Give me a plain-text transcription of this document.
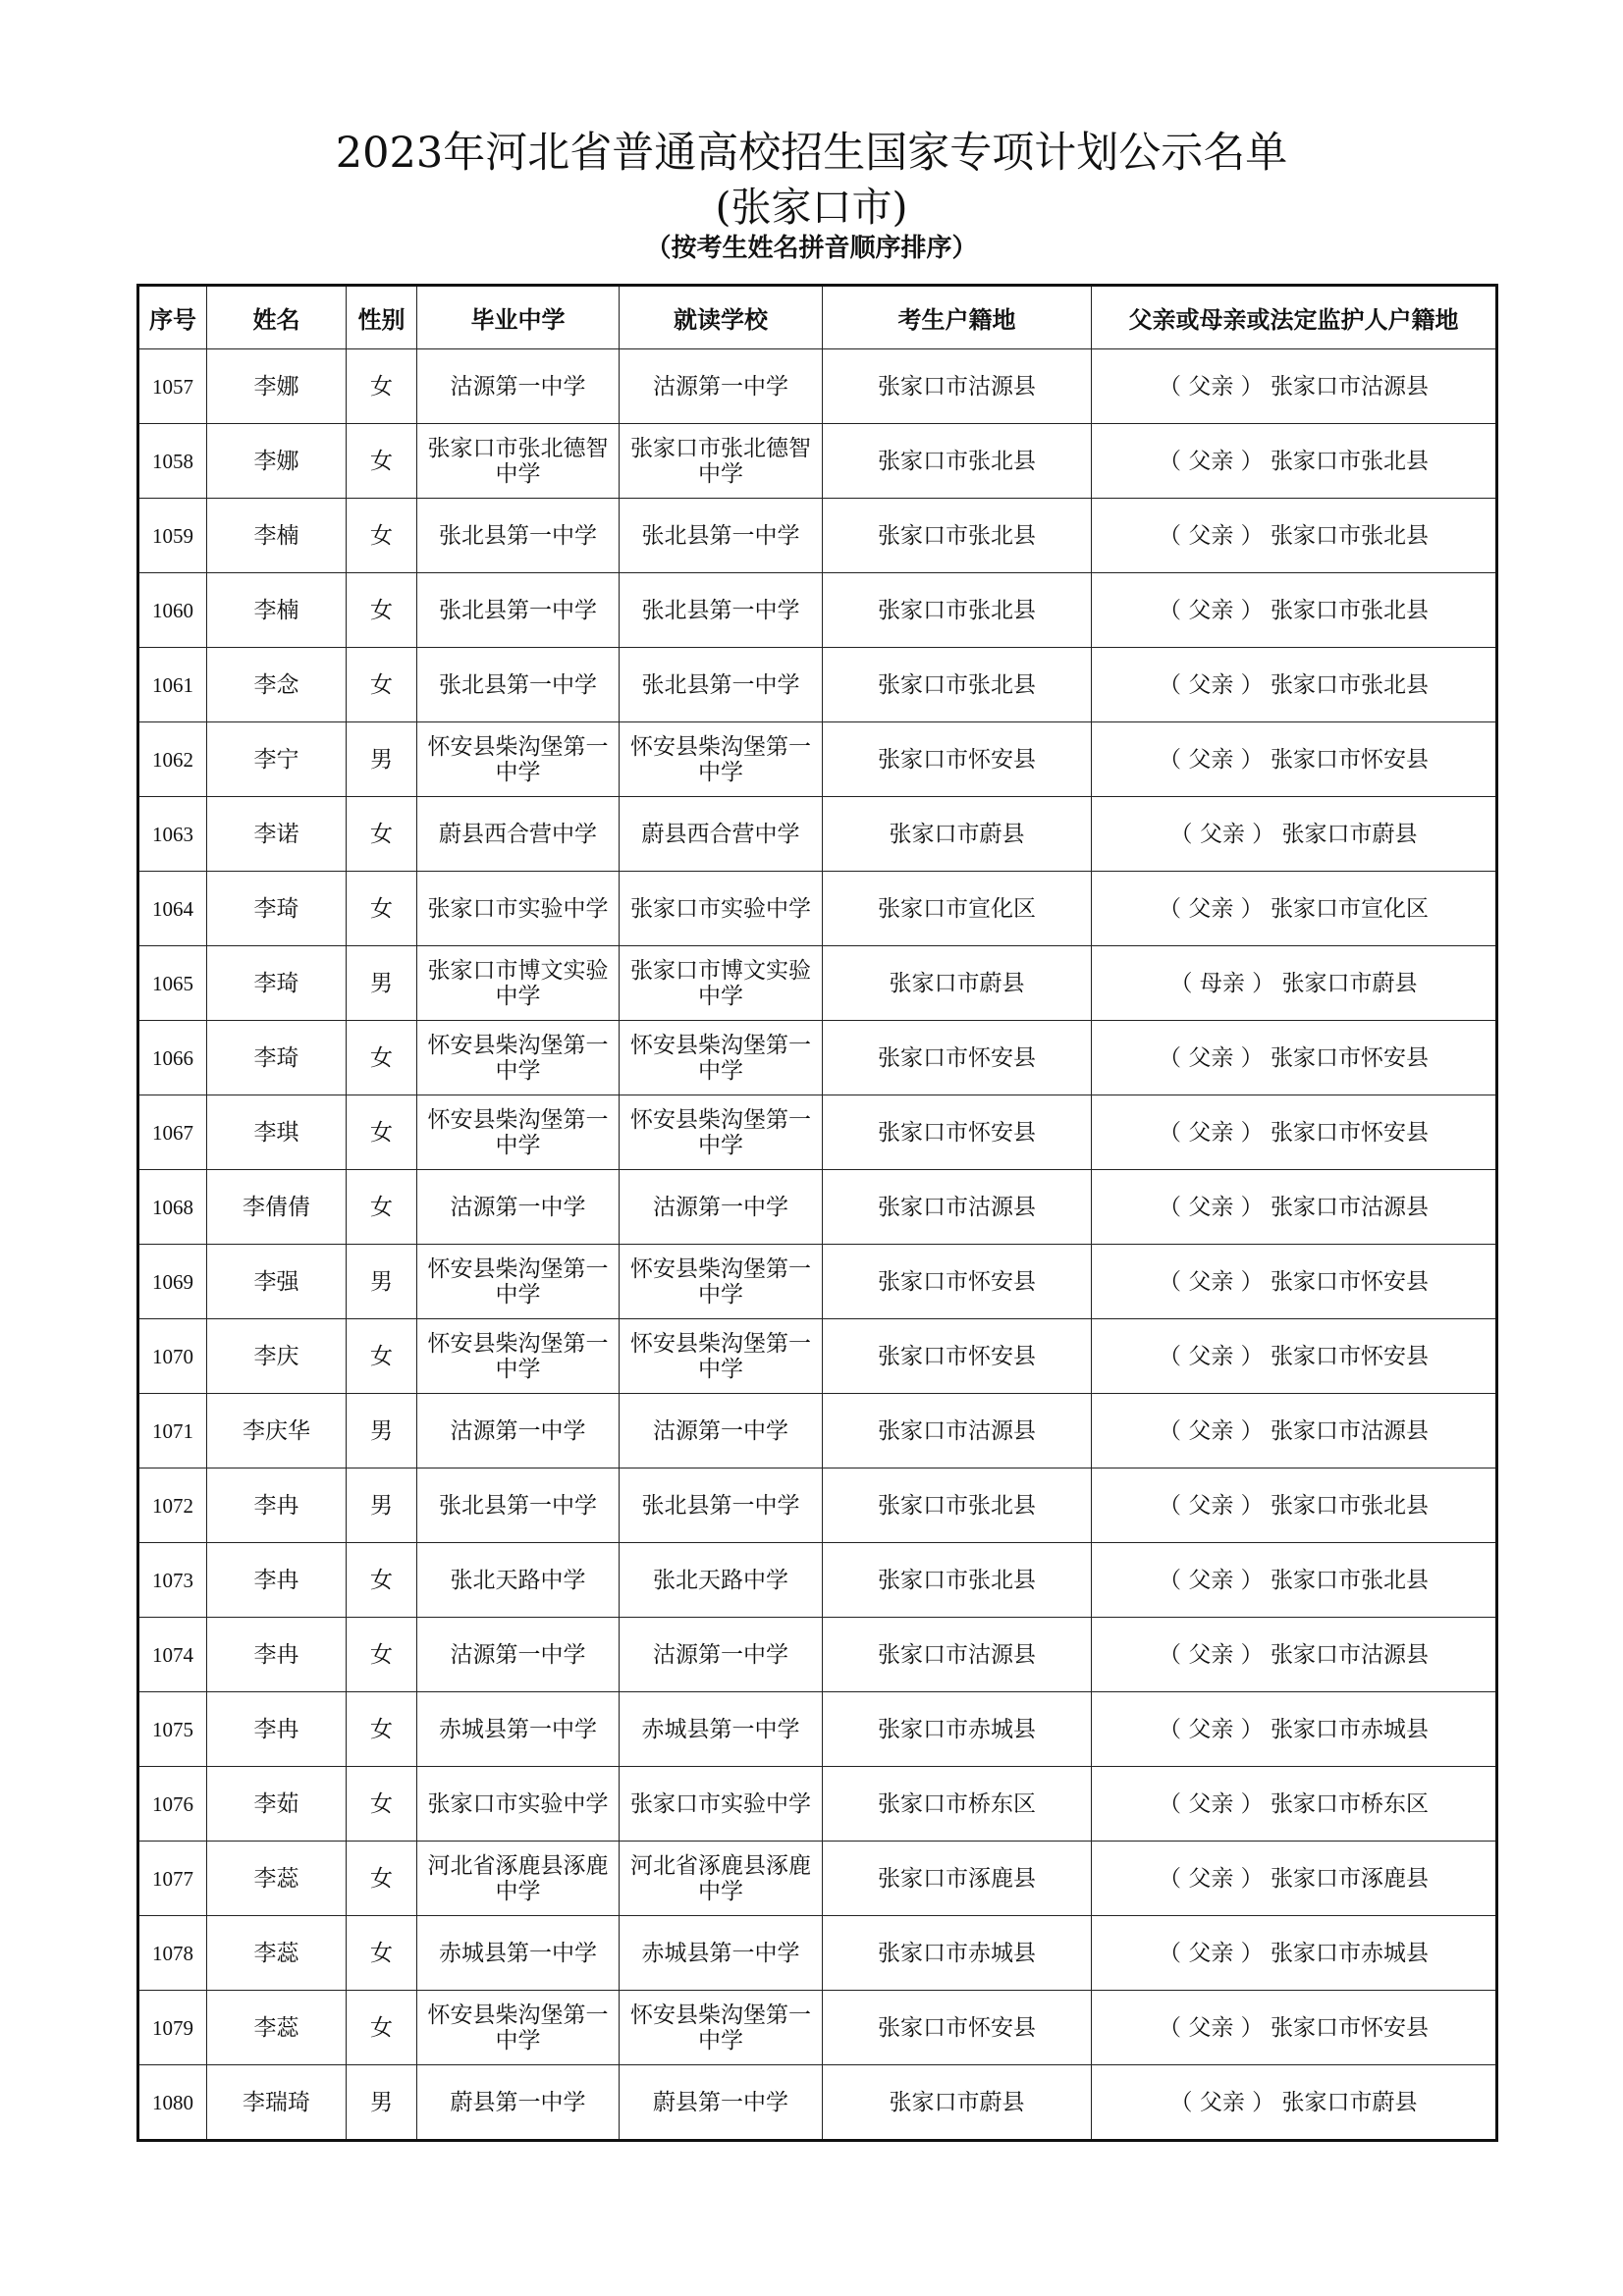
2023年河北省普通高校招生国家专项计划公示名单
(张家口市)
（按考生姓名拼音顺序排序）
序号	姓名	性别	毕业中学	就读学校	考生户籍地	父亲或母亲或法定监护人户籍地
1057	李娜	女	沽源第一中学	沽源第一中学	张家口市沽源县	（ 父亲 ） 张家口市沽源县
1058	李娜	女	张家口市张北德智中学	张家口市张北德智中学	张家口市张北县	（ 父亲 ） 张家口市张北县
1059	李楠	女	张北县第一中学	张北县第一中学	张家口市张北县	（ 父亲 ） 张家口市张北县
1060	李楠	女	张北县第一中学	张北县第一中学	张家口市张北县	（ 父亲 ） 张家口市张北县
1061	李念	女	张北县第一中学	张北县第一中学	张家口市张北县	（ 父亲 ） 张家口市张北县
1062	李宁	男	怀安县柴沟堡第一中学	怀安县柴沟堡第一中学	张家口市怀安县	（ 父亲 ） 张家口市怀安县
1063	李诺	女	蔚县西合营中学	蔚县西合营中学	张家口市蔚县	（ 父亲 ） 张家口市蔚县
1064	李琦	女	张家口市实验中学	张家口市实验中学	张家口市宣化区	（ 父亲 ） 张家口市宣化区
1065	李琦	男	张家口市博文实验中学	张家口市博文实验中学	张家口市蔚县	（ 母亲 ） 张家口市蔚县
1066	李琦	女	怀安县柴沟堡第一中学	怀安县柴沟堡第一中学	张家口市怀安县	（ 父亲 ） 张家口市怀安县
1067	李琪	女	怀安县柴沟堡第一中学	怀安县柴沟堡第一中学	张家口市怀安县	（ 父亲 ） 张家口市怀安县
1068	李倩倩	女	沽源第一中学	沽源第一中学	张家口市沽源县	（ 父亲 ） 张家口市沽源县
1069	李强	男	怀安县柴沟堡第一中学	怀安县柴沟堡第一中学	张家口市怀安县	（ 父亲 ） 张家口市怀安县
1070	李庆	女	怀安县柴沟堡第一中学	怀安县柴沟堡第一中学	张家口市怀安县	（ 父亲 ） 张家口市怀安县
1071	李庆华	男	沽源第一中学	沽源第一中学	张家口市沽源县	（ 父亲 ） 张家口市沽源县
1072	李冉	男	张北县第一中学	张北县第一中学	张家口市张北县	（ 父亲 ） 张家口市张北县
1073	李冉	女	张北天路中学	张北天路中学	张家口市张北县	（ 父亲 ） 张家口市张北县
1074	李冉	女	沽源第一中学	沽源第一中学	张家口市沽源县	（ 父亲 ） 张家口市沽源县
1075	李冉	女	赤城县第一中学	赤城县第一中学	张家口市赤城县	（ 父亲 ） 张家口市赤城县
1076	李茹	女	张家口市实验中学	张家口市实验中学	张家口市桥东区	（ 父亲 ） 张家口市桥东区
1077	李蕊	女	河北省涿鹿县涿鹿中学	河北省涿鹿县涿鹿中学	张家口市涿鹿县	（ 父亲 ） 张家口市涿鹿县
1078	李蕊	女	赤城县第一中学	赤城县第一中学	张家口市赤城县	（ 父亲 ） 张家口市赤城县
1079	李蕊	女	怀安县柴沟堡第一中学	怀安县柴沟堡第一中学	张家口市怀安县	（ 父亲 ） 张家口市怀安县
1080	李瑞琦	男	蔚县第一中学	蔚县第一中学	张家口市蔚县	（ 父亲 ） 张家口市蔚县
